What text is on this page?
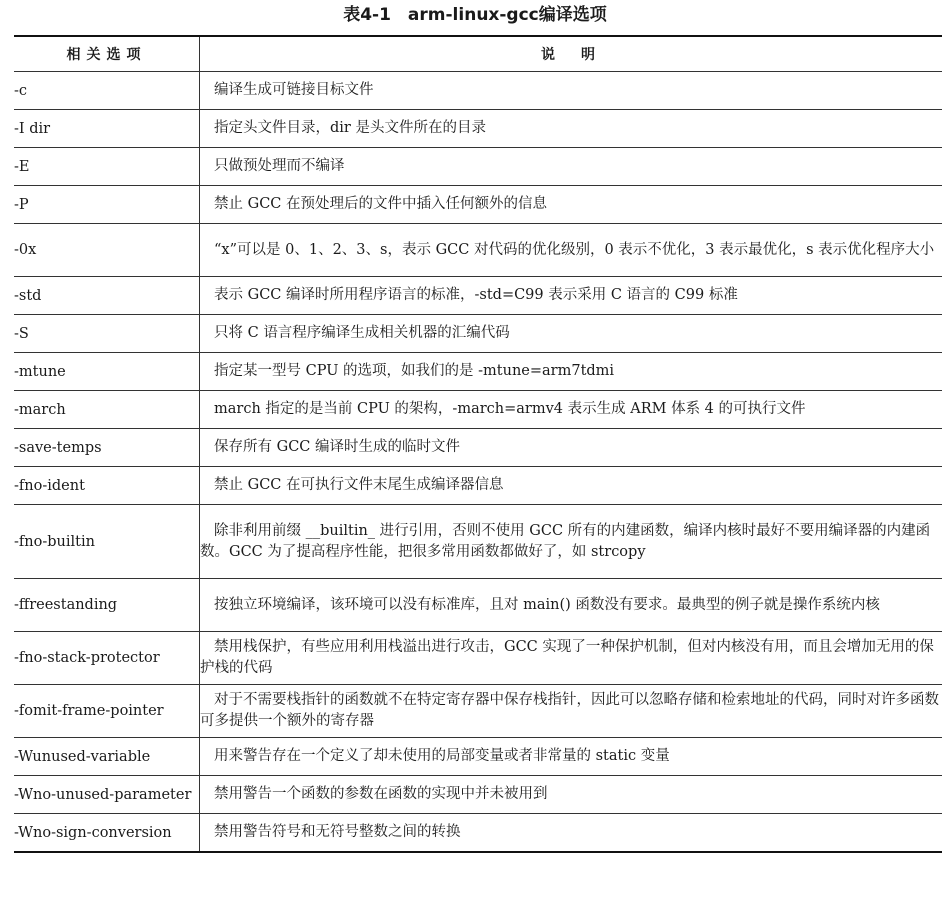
表4-1　arm-linux-gcc编译选项
相关选项	说　明
-c	编译生成可链接目标文件
-I dir	指定头文件目录，dir 是头文件所在的目录
-E	只做预处理而不编译
-P	禁止 GCC 在预处理后的文件中插入任何额外的信息
-0x	“x”可以是 0、1、2、3、s，表示 GCC 对代码的优化级别，0 表示不优化，3 表示最优化，s 表示优化程序大小
-std	表示 GCC 编译时所用程序语言的标准，-std=C99 表示采用 C 语言的 C99 标准
-S	只将 C 语言程序编译生成相关机器的汇编代码
-mtune	指定某一型号 CPU 的选项，如我们的是 -mtune=arm7tdmi
-march	march 指定的是当前 CPU 的架构，-march=armv4 表示生成 ARM 体系 4 的可执行文件
-save-temps	保存所有 GCC 编译时生成的临时文件
-fno-ident	禁止 GCC 在可执行文件末尾生成编译器信息
-fno-builtin	除非利用前缀 __builtin_ 进行引用，否则不使用 GCC 所有的内建函数，编译内核时最好不要用编译器的内建函数。GCC 为了提高程序性能，把很多常用函数都做好了，如 strcopy
-ffreestanding	按独立环境编译，该环境可以没有标准库，且对 main() 函数没有要求。最典型的例子就是操作系统内核
-fno-stack-protector	禁用栈保护，有些应用利用栈溢出进行攻击，GCC 实现了一种保护机制，但对内核没有用，而且会增加无用的保护栈的代码
-fomit-frame-pointer	对于不需要栈指针的函数就不在特定寄存器中保存栈指针，因此可以忽略存储和检索地址的代码，同时对许多函数可多提供一个额外的寄存器
-Wunused-variable	用来警告存在一个定义了却未使用的局部变量或者非常量的 static 变量
-Wno-unused-parameter	禁用警告一个函数的参数在函数的实现中并未被用到
-Wno-sign-conversion	禁用警告符号和无符号整数之间的转换
